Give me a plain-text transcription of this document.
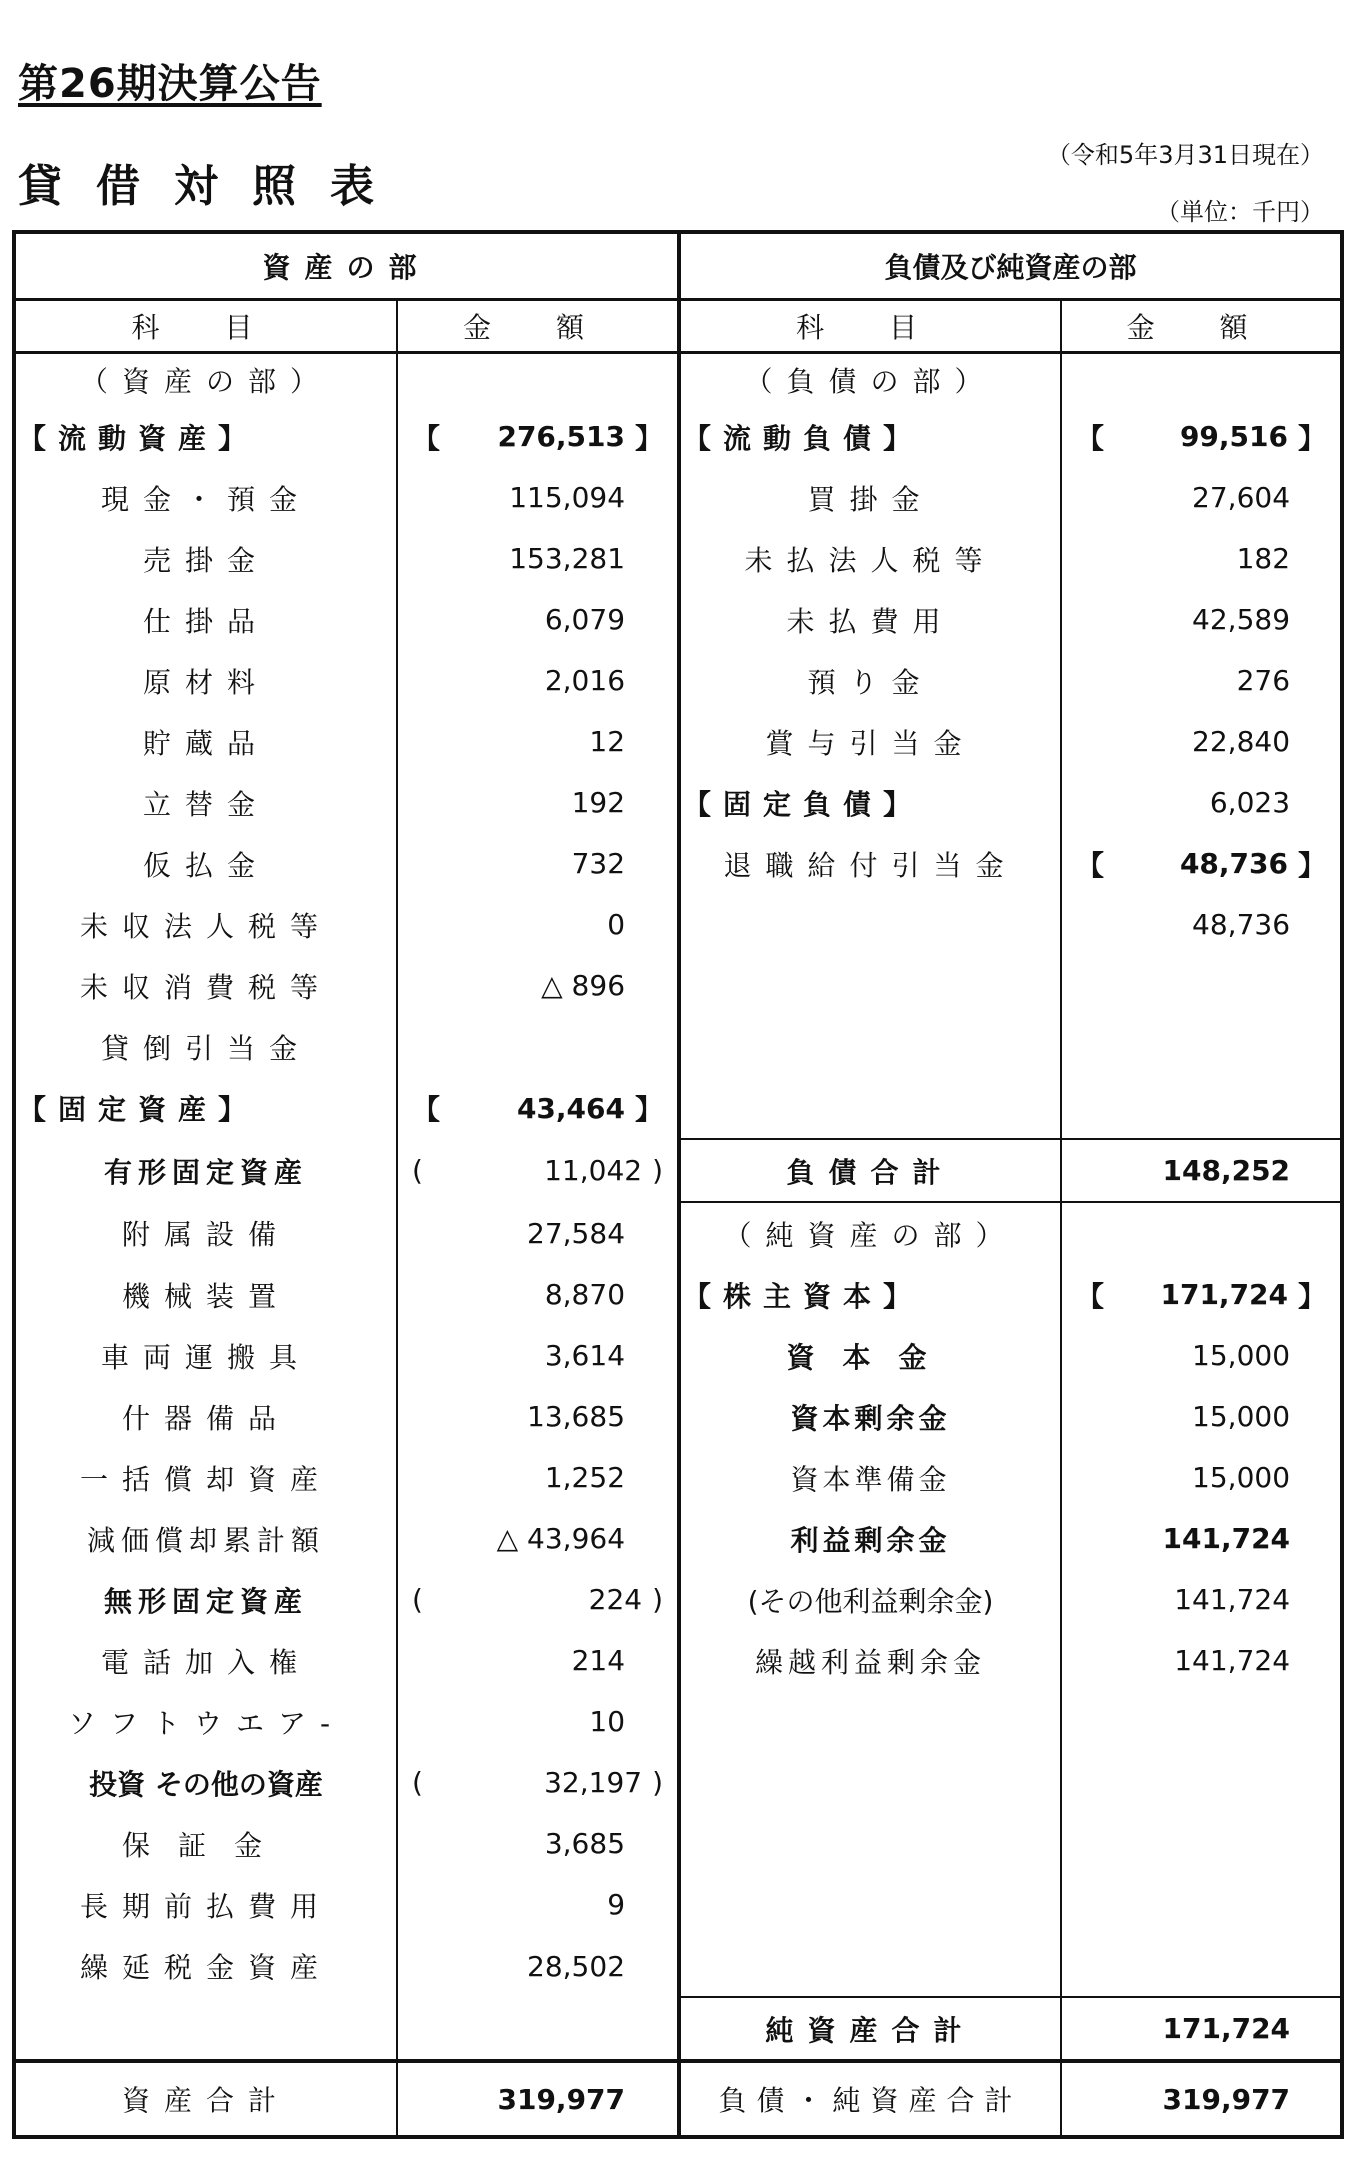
第26期決算公告
貸借対照表
（令和5年3月31日現在）
（単位：千円）
資産の部		負債及び純資産の部	
科 目	金 額	科 目	金 額
（資産の部）		（負債の部）	
【流動資産】	【 276,513 】	【流動負債】	【 99,516 】

現金・預金	115,094	買掛金	27,604
売掛金	153,281	未払法人税等	182
仕掛品	6,079	未払費用	42,589
原材料	2,016	預り金	276
貯蔵品	12	賞与引当金	22,840
立替金	192	【固定負債】	6,023
仮払金	732	退職給付引当金	【 48,736 】

未収法人税等	0		48,736
未収消費税等	△ 896		
貸倒引当金			
【固定資産】	【 43,464 】		

有形固定資産	( 11,042 )	負債合計	148,252
附属設備	27,584	（純資産の部）	
機械装置	8,870	【株主資本】	【 171,724 】

車両運搬具	3,614	資本金	15,000
什器備品	13,685	資本剰余金	15,000
一括償却資産	1,252	資本準備金	15,000
減価償却累計額	△ 43,964	利益剰余金	141,724
無形固定資産	( 224 )	(その他利益剰余金)	141,724
電話加入権	214	繰越利益剰余金	141,724
ソフトウエア-	10		
投資 その他の資産	( 32,197 )		

保証金	3,685		
長期前払費用	9		
繰延税金資産	28,502		
		純資産合計	171,724
資産合計	319,977	負債・純資産合計	319,977
